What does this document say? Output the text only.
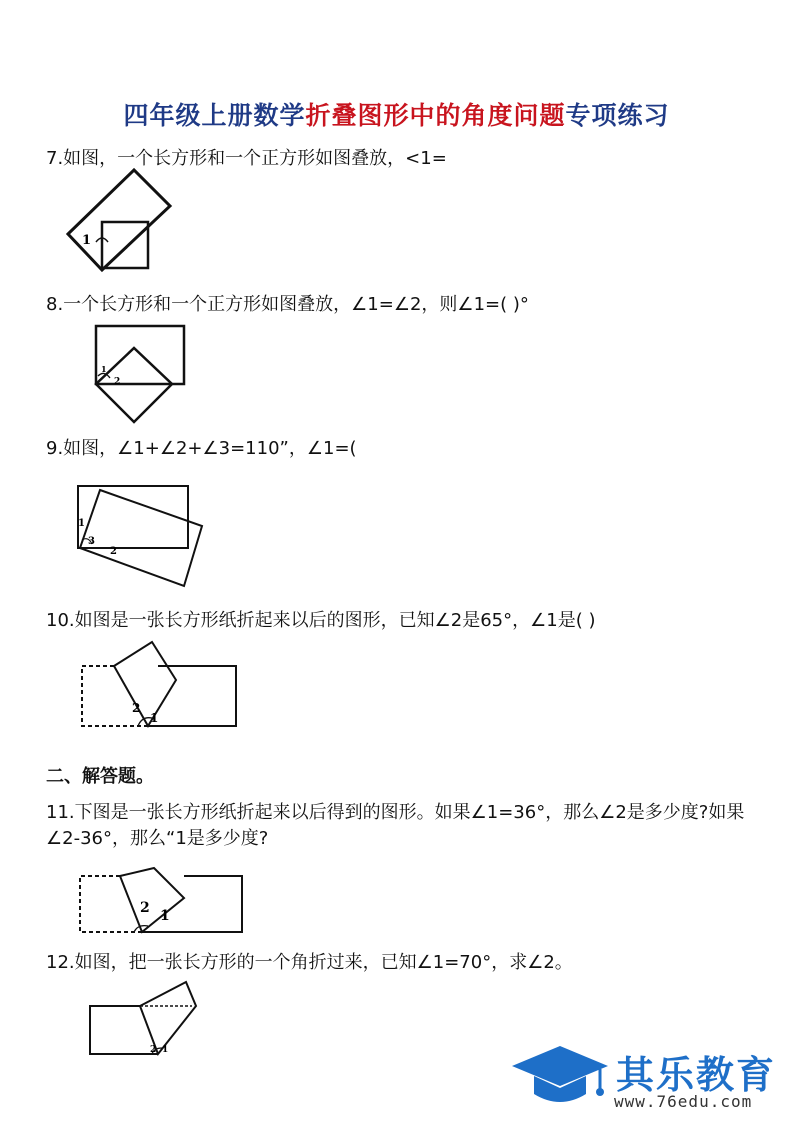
四年级上册数学折叠图形中的角度问题专项练习
7.如图，一个长方形和一个正方形如图叠放，<1=
1
8.一个长方形和一个正方形如图叠放，∠1=∠2，则∠1=( )°
1
2
9.如图，∠1+∠2+∠3=110”，∠1=(
1
2
3
10.如图是一张长方形纸折起来以后的图形，已知∠2是65°，∠1是( )
2
1
二、解答题。
11.下图是一张长方形纸折起来以后得到的图形。如果∠1=36°，那么∠2是多少度?如果∠2-36°，那么“1是多少度?
2 1
12.如图，把一张长方形的一个角折过来，已知∠1=70°，求∠2。
2 1
其乐教育
www.76edu.com
